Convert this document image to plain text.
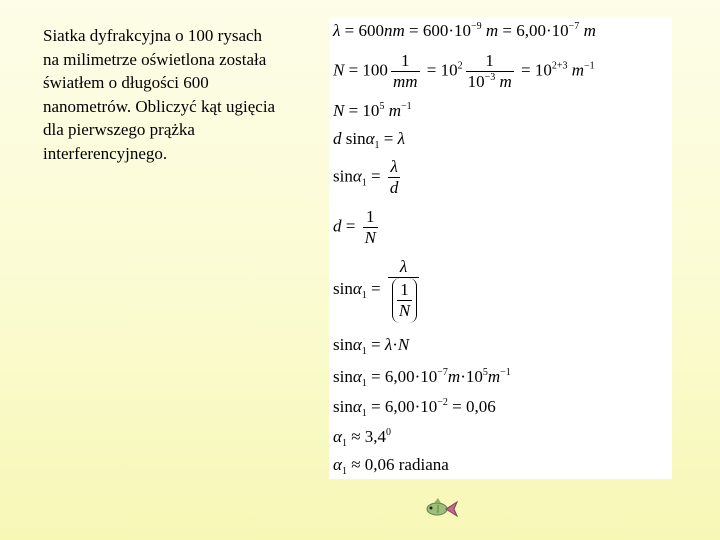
Siatka dyfrakcyjna o 100 rysach na milimetrze oświetlona została światłem o długości 600 nanometrów. Obliczyć kąt ugięcia dla pierwszego prążka interferencyjnego.
$\lambda = 600nm = 600\cdot 10^{-9}$ $m = 6,00\cdot 10^{-7}$ m
$N = 100 \frac{1}{mm} = 10^2 \frac{1}{10^{-3} m} = 10^{2+3}$ $m^{-1}$
$N = 10^5$ $m^{-1}$
d sinα$_1$ = λ
$\sin\alpha_1 = \frac{\lambda}{d}$
$d = \frac{1}{N}$
$\sin\alpha_1 = \frac{\lambda}{\frac{1}{N}}$
sinα$_1$ = λ·N
$\sin\alpha_1 = 6,00\cdot 10^{-7}m\cdot 10^5m^{-1}$
$\sin\alpha_1 = 6,00\cdot 10^{-2} = 0,06$
$\alpha_1 \approx 3,4^0$
$\alpha_1 \approx 0,06$ radiana
